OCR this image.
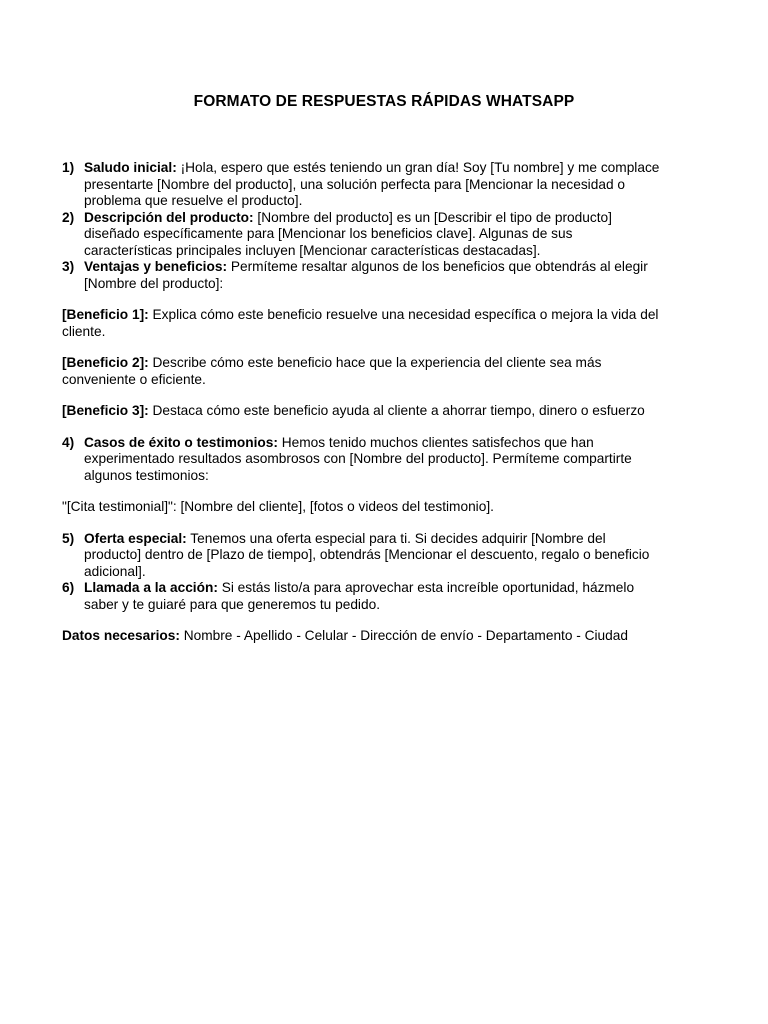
FORMATO DE RESPUESTAS RÁPIDAS WHATSAPP
1) Saludo inicial: ¡Hola, espero que estés teniendo un gran día! Soy [Tu nombre] y me complace presentarte [Nombre del producto], una solución perfecta para [Mencionar la necesidad o problema que resuelve el producto].
2) Descripción del producto: [Nombre del producto] es un [Describir el tipo de producto] diseñado específicamente para [Mencionar los beneficios clave]. Algunas de sus características principales incluyen [Mencionar características destacadas].
3) Ventajas y beneficios: Permíteme resaltar algunos de los beneficios que obtendrás al elegir [Nombre del producto]:

[Beneficio 1]: Explica cómo este beneficio resuelve una necesidad específica o mejora la vida del cliente.

[Beneficio 2]: Describe cómo este beneficio hace que la experiencia del cliente sea más conveniente o eficiente.

[Beneficio 3]: Destaca cómo este beneficio ayuda al cliente a ahorrar tiempo, dinero o esfuerzo

4) Casos de éxito o testimonios: Hemos tenido muchos clientes satisfechos que han experimentado resultados asombrosos con [Nombre del producto]. Permíteme compartirte algunos testimonios:

"[Cita testimonial]": [Nombre del cliente], [fotos o videos del testimonio].

5) Oferta especial: Tenemos una oferta especial para ti. Si decides adquirir [Nombre del producto] dentro de [Plazo de tiempo], obtendrás [Mencionar el descuento, regalo o beneficio adicional].
6) Llamada a la acción: Si estás listo/a para aprovechar esta increíble oportunidad, házmelo saber y te guiaré para que generemos tu pedido.

Datos necesarios: Nombre - Apellido - Celular - Dirección de envío - Departamento - Ciudad
